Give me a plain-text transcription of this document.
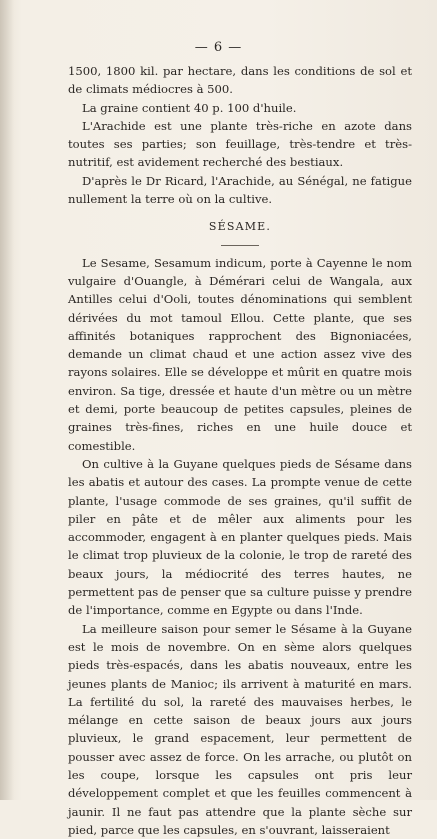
— 6 —

1500, 1800 kil. par hectare, dans les conditions de sol et de climats médiocres à 500.

La graine contient 40 p. 100 d'huile.

L'Arachide est une plante très-riche en azote dans toutes ses parties; son feuillage, très-tendre et très-nutritif, est avidement recherché des bestiaux.

D'après le Dr Ricard, l'Arachide, au Sénégal, ne fatigue nullement la terre où on la cultive.

SÉSAME.

Le Sesame, Sesamum indicum, porte à Cayenne le nom vulgaire d'Ouangle, à Démérari celui de Wangala, aux Antilles celui d'Ooli, toutes dénominations qui semblent dérivées du mot tamoul Ellou. Cette plante, que ses affinités botaniques rapprochent des Bignoniacées, demande un climat chaud et une action assez vive des rayons solaires. Elle se développe et mûrit en quatre mois environ. Sa tige, dressée et haute d'un mètre ou un mètre et demi, porte beaucoup de petites capsules, pleines de graines très-fines, riches en une huile douce et comestible.

On cultive à la Guyane quelques pieds de Sésame dans les abatis et autour des cases. La prompte venue de cette plante, l'usage commode de ses graines, qu'il suffit de piler en pâte et de mêler aux aliments pour les accommoder, engagent à en planter quelques pieds. Mais le climat trop pluvieux de la colonie, le trop de rareté des beaux jours, la médiocrité des terres hautes, ne permettent pas de penser que sa culture puisse y prendre de l'importance, comme en Egypte ou dans l'Inde.

La meilleure saison pour semer le Sésame à la Guyane est le mois de novembre. On en sème alors quelques pieds très-espacés, dans les abatis nouveaux, entre les jeunes plants de Manioc; ils arrivent à maturité en mars. La fertilité du sol, la rareté des mauvaises herbes, le mélange en cette saison de beaux jours aux jours pluvieux, le grand espacement, leur permettent de pousser avec assez de force. On les arrache, ou plutôt on les coupe, lorsque les capsules ont pris leur développement complet et que les feuilles commencent à jaunir. Il ne faut pas attendre que la plante sèche sur pied, parce que les capsules, en s'ouvrant, laisseraient
